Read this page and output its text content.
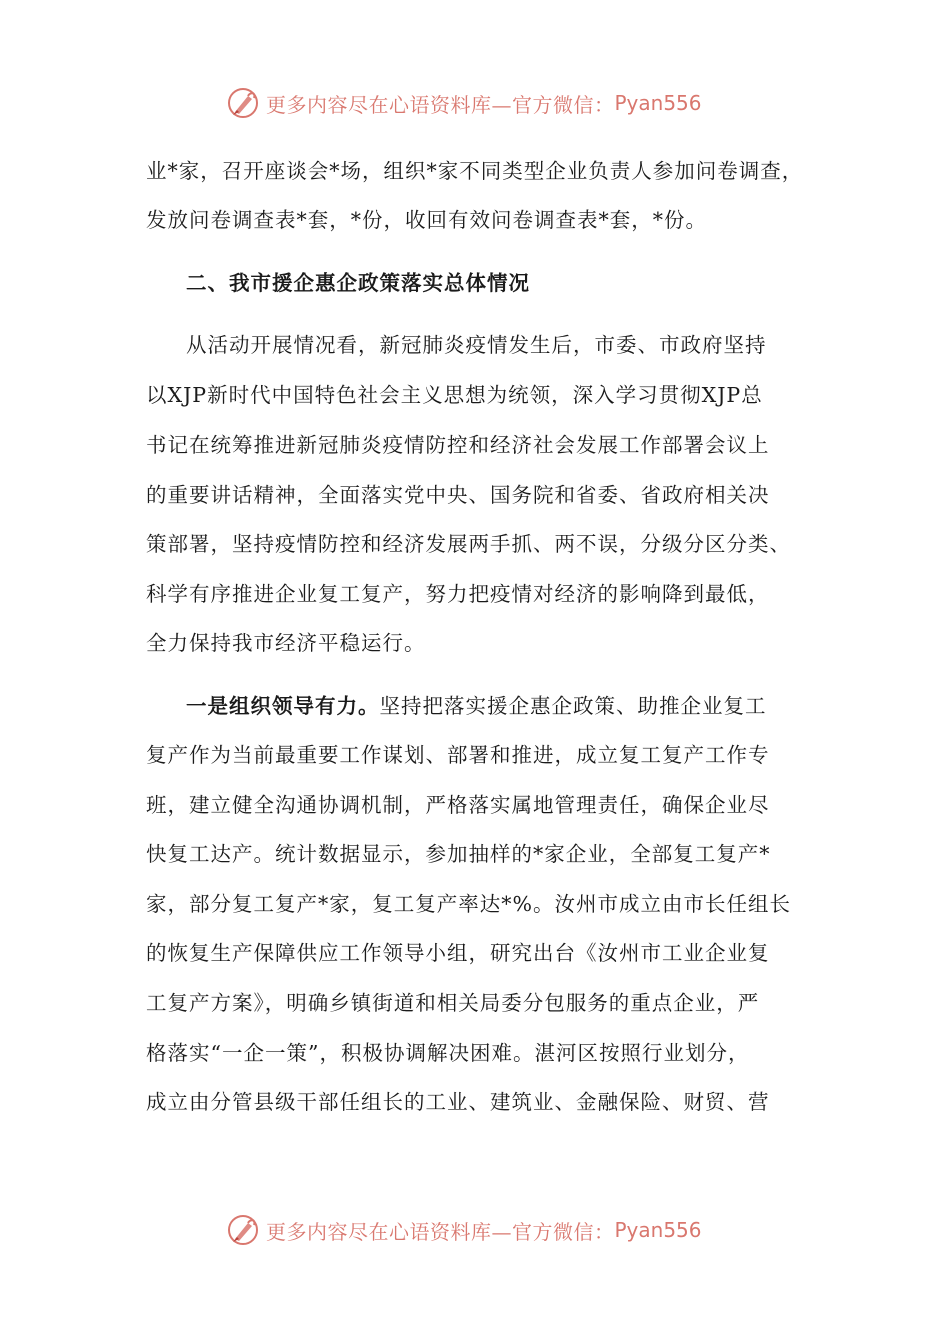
更多内容尽在心语资料库—官方微信： Pyan556
业*家，召开座谈会*场，组织*家不同类型企业负责人参加问卷调查，
发放问卷调查表*套，*份，收回有效问卷调查表*套，*份。
二、我市援企惠企政策落实总体情况
从活动开展情况看，新冠肺炎疫情发生后，市委、市政府坚持
以XJP新时代中国特色社会主义思想为统领，深入学习贯彻XJP总
书记在统筹推进新冠肺炎疫情防控和经济社会发展工作部署会议上
的重要讲话精神，全面落实党中央、国务院和省委、省政府相关决
策部署，坚持疫情防控和经济发展两手抓、两不误，分级分区分类、
科学有序推进企业复工复产，努力把疫情对经济的影响降到最低，
全力保持我市经济平稳运行。
一是组织领导有力。坚持把落实援企惠企政策、助推企业复工
复产作为当前最重要工作谋划、部署和推进，成立复工复产工作专
班，建立健全沟通协调机制，严格落实属地管理责任，确保企业尽
快复工达产。统计数据显示，参加抽样的*家企业，全部复工复产*
家，部分复工复产*家，复工复产率达*%。汝州市成立由市长任组长
的恢复生产保障供应工作领导小组，研究出台《汝州市工业企业复
工复产方案》，明确乡镇街道和相关局委分包服务的重点企业，严
格落实“一企一策”，积极协调解决困难。湛河区按照行业划分，
成立由分管县级干部任组长的工业、建筑业、金融保险、财贸、营
更多内容尽在心语资料库—官方微信： Pyan556
